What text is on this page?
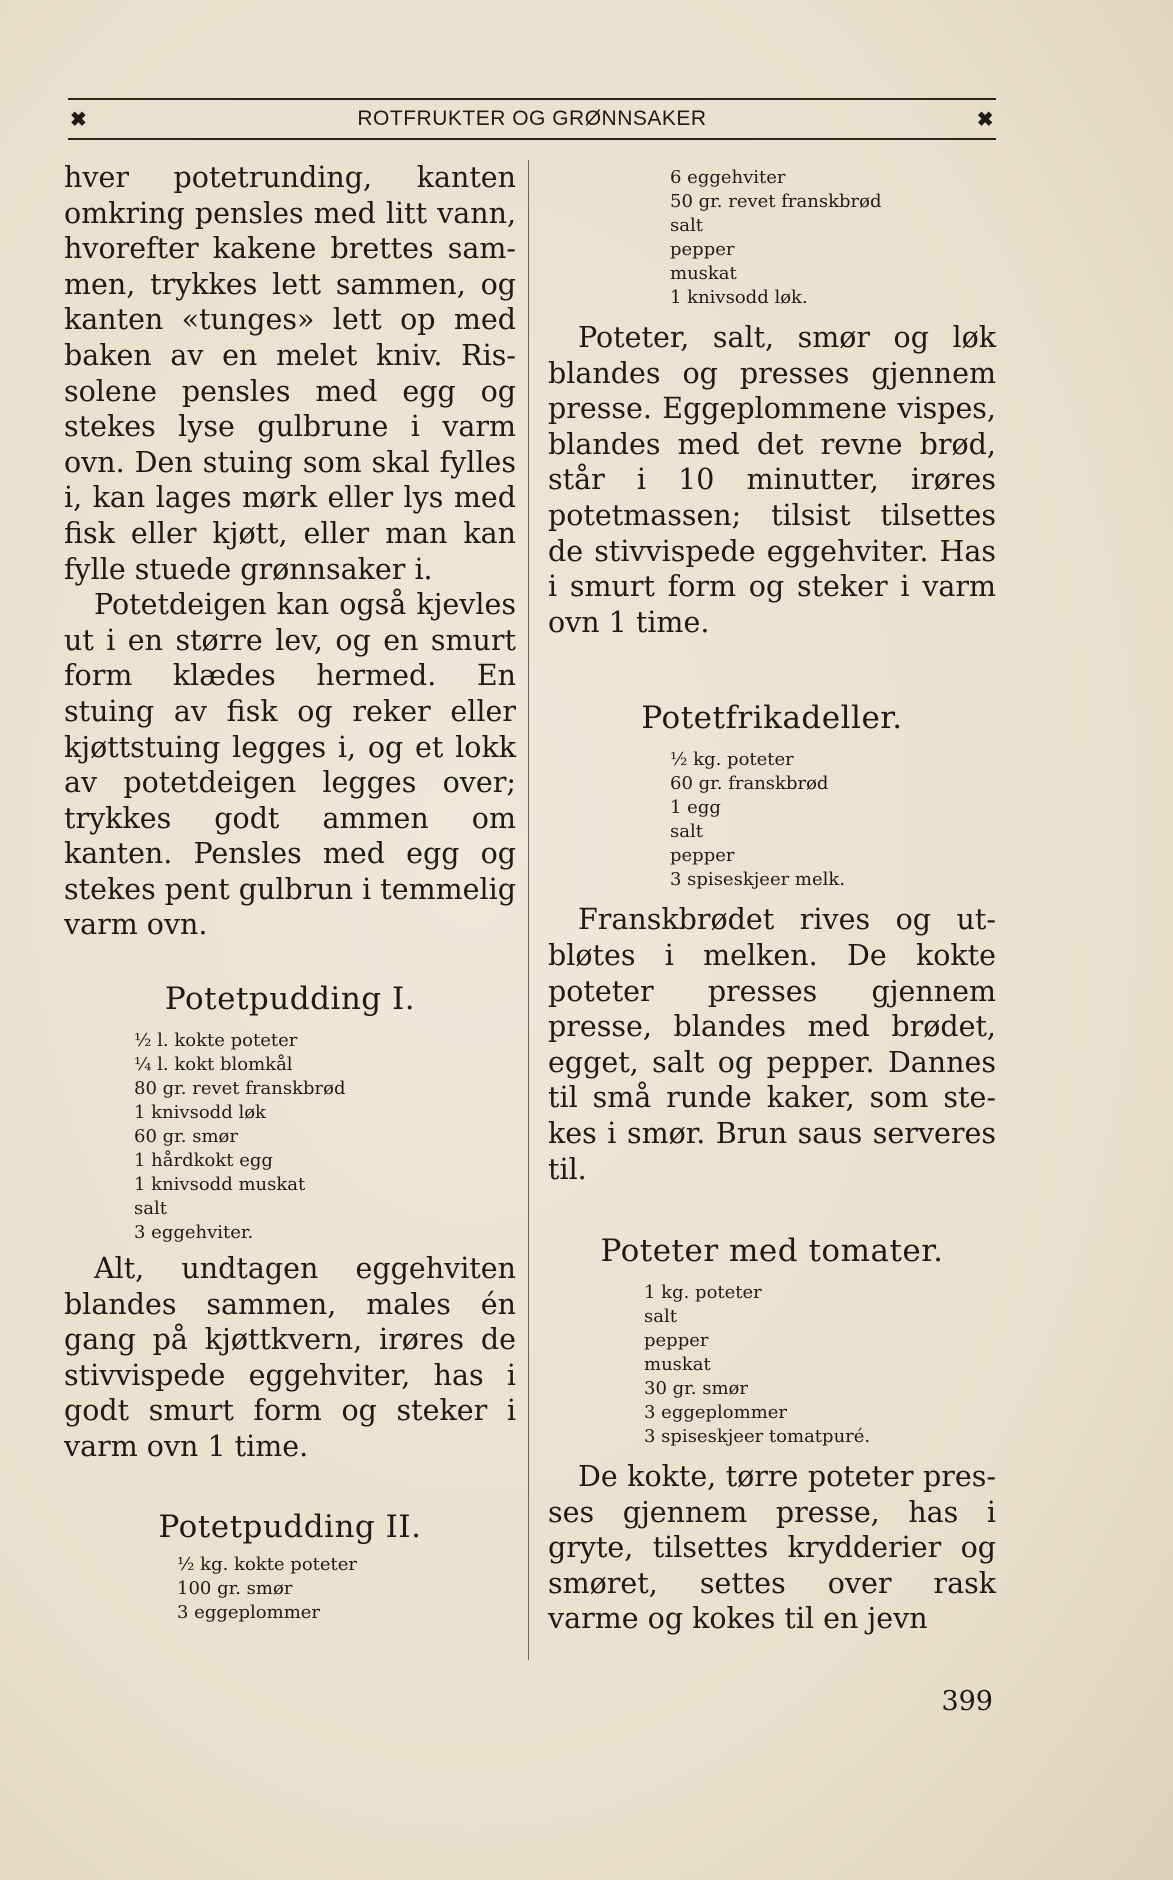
✖	ROTFRUKTER OG GRØNNSAKER	✖

hver potetrunding, kanten omkring pensles med litt vann, hvorefter kakene brettes sammen, trykkes lett sammen, og kanten «tunges» lett op med baken av en melet kniv. Rissolene pensles med egg og stekes lyse gulbrune i varm ovn. Den stuing som skal fylles i, kan lages mørk eller lys med fisk eller kjøtt, eller man kan fylle stuede grønnsaker i.

Potetdeigen kan også kjevles ut i en større lev, og en smurt form klædes hermed. En stuing av fisk og reker eller kjøttstuing legges i, og et lokk av potetdeigen legges over; trykkes godt ammen om kanten. Pensles med egg og stekes pent gulbrun i temmelig varm ovn.

Potetpudding I.
½ l. kokte poteter
¼ l. kokt blomkål
80 gr. revet franskbrød
1 knivsodd løk
60 gr. smør
1 hårdkokt egg
1 knivsodd muskat
salt
3 eggehviter.

Alt, undtagen eggehviten blandes sammen, males én gang på kjøttkvern, irøres de stivvispede eggehviter, has i godt smurt form og steker i varm ovn 1 time.

Potetpudding II.
½ kg. kokte poteter
100 gr. smør
3 eggeplommer
6 eggehviter
50 gr. revet franskbrød
salt
pepper
muskat
1 knivsodd løk.

Poteter, salt, smør og løk blandes og presses gjennem presse. Eggeplommene vispes, blandes med det revne brød, står i 10 minutter, irøres potetmassen; tilsist tilsettes de stivvispede eggehviter. Has i smurt form og steker i varm ovn 1 time.

Potetfrikadeller.
½ kg. poteter
60 gr. franskbrød
1 egg
salt
pepper
3 spiseskjeer melk.

Franskbrødet rives og utbløtes i melken. De kokte poteter presses gjennem presse, blandes med brødet, egget, salt og pepper. Dannes til små runde kaker, som stekes i smør. Brun saus serveres til.

Poteter med tomater.
1 kg. poteter
salt
pepper
muskat
30 gr. smør
3 eggeplommer
3 spiseskjeer tomatpuré.

De kokte, tørre poteter presses gjennem presse, has i gryte, tilsettes krydderier og smøret, settes over rask varme og kokes til en jevn

399
